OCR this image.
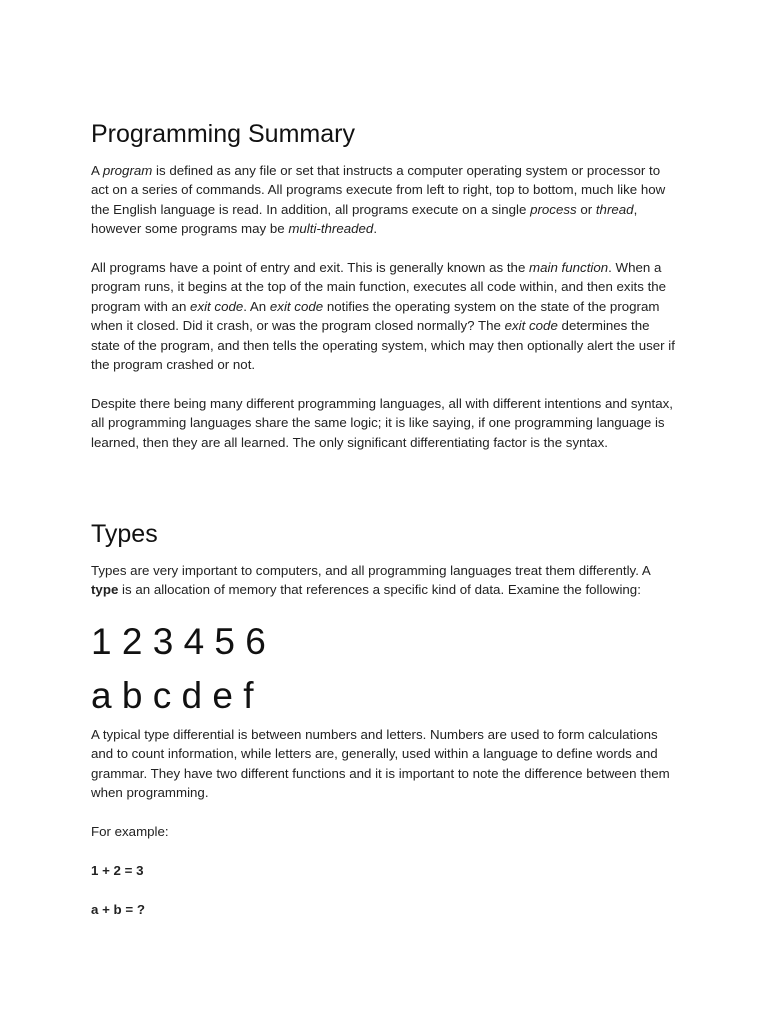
Programming Summary

A program is defined as any file or set that instructs a computer operating system or processor to act on a series of commands. All programs execute from left to right, top to bottom, much like how the English language is read. In addition, all programs execute on a single process or thread, however some programs may be multi-threaded.

All programs have a point of entry and exit. This is generally known as the main function. When a program runs, it begins at the top of the main function, executes all code within, and then exits the program with an exit code. An exit code notifies the operating system on the state of the program when it closed. Did it crash, or was the program closed normally? The exit code determines the state of the program, and then tells the operating system, which may then optionally alert the user if the program crashed or not.

Despite there being many different programming languages, all with different intentions and syntax, all programming languages share the same logic; it is like saying, if one programming language is learned, then they are all learned. The only significant differentiating factor is the syntax.

Types

Types are very important to computers, and all programming languages treat them differently. A type is an allocation of memory that references a specific kind of data. Examine the following:

1 2 3 4 5 6
a b c d e f

A typical type differential is between numbers and letters. Numbers are used to form calculations and to count information, while letters are, generally, used within a language to define words and grammar. They have two different functions and it is important to note the difference between them when programming.

For example:

1 + 2 = 3

a + b = ?
